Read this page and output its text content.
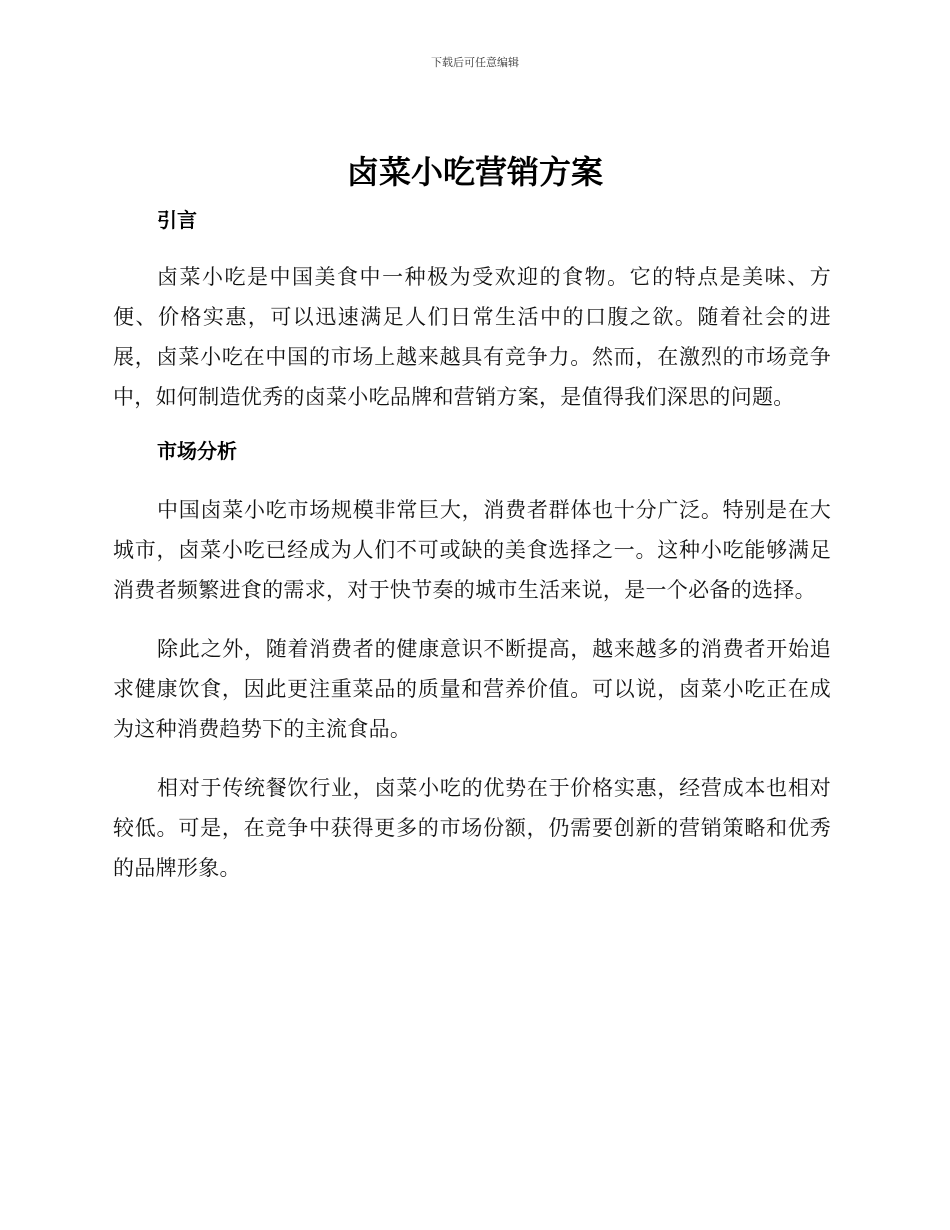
下载后可任意编辑
卤菜小吃营销方案
引言

卤菜小吃是中国美食中一种极为受欢迎的食物。它的特点是美味、方便、价格实惠，可以迅速满足人们日常生活中的口腹之欲。随着社会的进展，卤菜小吃在中国的市场上越来越具有竞争力。然而，在激烈的市场竞争中，如何制造优秀的卤菜小吃品牌和营销方案，是值得我们深思的问题。

市场分析

中国卤菜小吃市场规模非常巨大，消费者群体也十分广泛。特别是在大城市，卤菜小吃已经成为人们不可或缺的美食选择之一。这种小吃能够满足消费者频繁进食的需求，对于快节奏的城市生活来说，是一个必备的选择。

除此之外，随着消费者的健康意识不断提高，越来越多的消费者开始追求健康饮食，因此更注重菜品的质量和营养价值。可以说，卤菜小吃正在成为这种消费趋势下的主流食品。

相对于传统餐饮行业，卤菜小吃的优势在于价格实惠，经营成本也相对较低。可是，在竞争中获得更多的市场份额，仍需要创新的营销策略和优秀的品牌形象。
